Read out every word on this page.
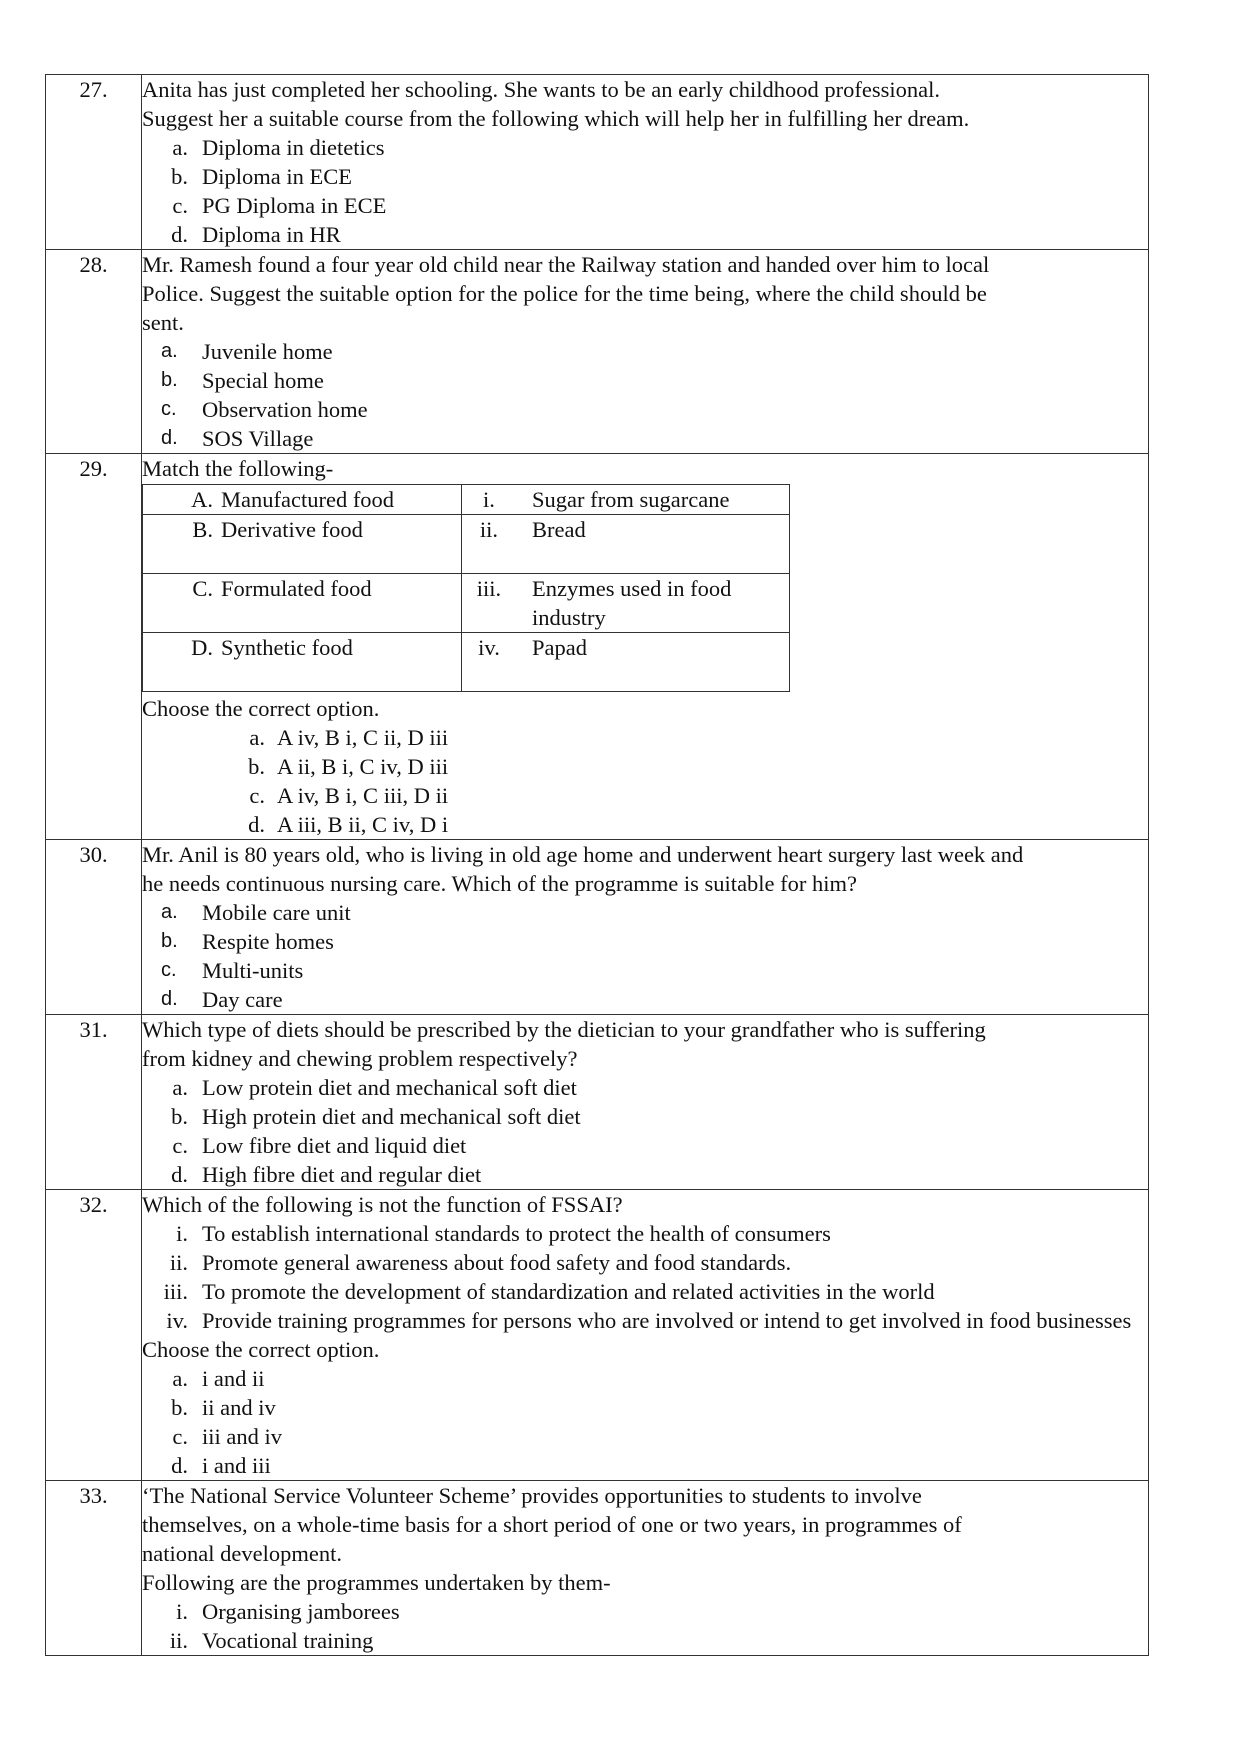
27.	Anita has just completed her schooling. She wants to be an early childhood professional.
Suggest her a suitable course from the following which will help her in fulfilling her dream.
a. Diploma in dietetics
b. Diploma in ECE
c. PG Diploma in ECE
d. Diploma in HR

28.	Mr. Ramesh found a four year old child near the Railway station and handed over him to local
Police. Suggest the suitable option for the police for the time being, where the child should be
sent.
a.	Juvenile home
b.	Special home
c.	Observation home
d.	SOS Village

29.	Match the following-
A. Manufactured food	i.	Sugar from sugarcane

B. Derivative food	ii.	Bread

C. Formulated food	iii.	Enzymes used in food industry

D. Synthetic food	iv.	Papad
Choose the correct option.
a. A iv, B i, C ii, D iii
b. A ii, B i, C iv, D iii
c. A iv, B i, C iii, D ii
d. A iii, B ii, C iv, D i

30.	Mr. Anil is 80 years old, who is living in old age home and underwent heart surgery last week and
he needs continuous nursing care. Which of the programme is suitable for him?
a.	Mobile care unit
b.	Respite homes
c.	Multi-units
d.	Day care

31.	Which type of diets should be prescribed by the dietician to your grandfather who is suffering
from kidney and chewing problem respectively?
a. Low protein diet and mechanical soft diet
b. High protein diet and mechanical soft diet
c. Low fibre diet and liquid diet
d. High fibre diet and regular diet

32.	Which of the following is not the function of FSSAI?
i. To establish international standards to protect the health of consumers
ii. Promote general awareness about food safety and food standards.
iii. To promote the development of standardization and related activities in the world
iv. Provide training programmes for persons who are involved or intend to get involved in food businesses
Choose the correct option.
a. i and ii
b. ii and iv
c. iii and iv
d. i and iii

33.	‘The National Service Volunteer Scheme’ provides opportunities to students to involve
themselves, on a whole-time basis for a short period of one or two years, in programmes of
national development.
Following are the programmes undertaken by them-
i. Organising jamborees
ii. Vocational training
